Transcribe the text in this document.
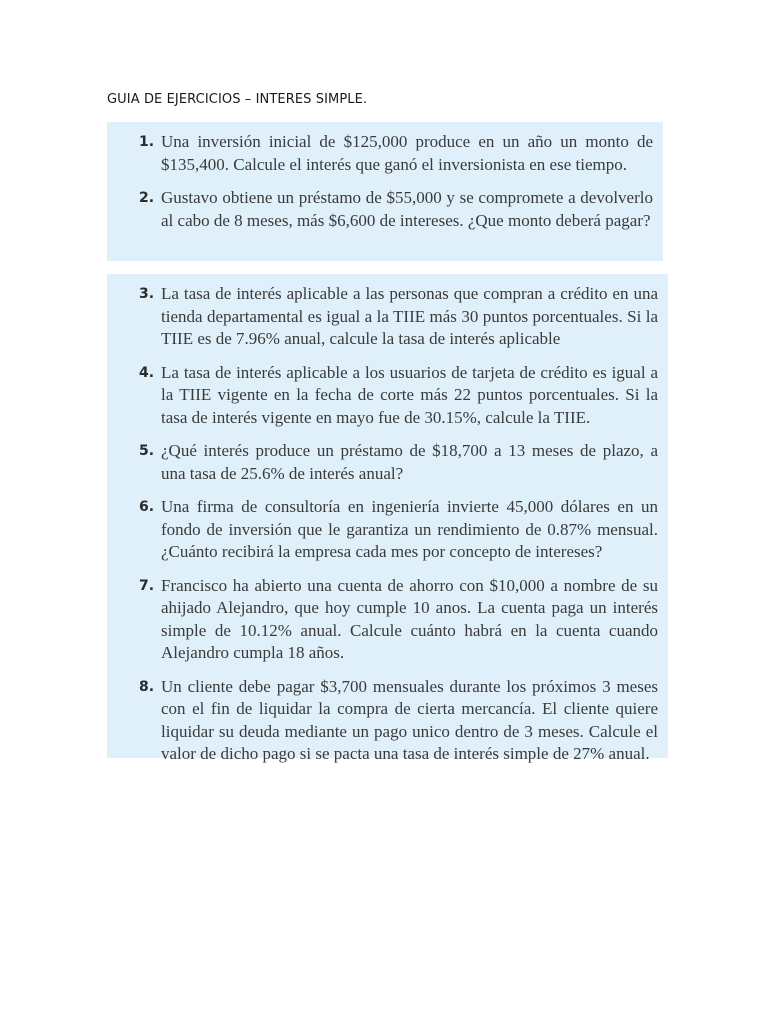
GUIA DE EJERCICIOS – INTERES SIMPLE.
1. Una inversión inicial de $125,000 produce en un año un monto de $135,400. Calcule el interés que ganó el inversionista en ese tiempo.
2. Gustavo obtiene un préstamo de $55,000 y se compromete a devolverlo al cabo de 8 meses, más $6,600 de intereses. ¿Que monto deberá pagar?
3. La tasa de interés aplicable a las personas que compran a crédito en una tienda departamental es igual a la TIIE más 30 puntos porcentuales. Si la TIIE es de 7.96% anual, calcule la tasa de interés aplicable
4. La tasa de interés aplicable a los usuarios de tarjeta de crédito es igual a la TIIE vigente en la fecha de corte más 22 puntos porcentuales. Si la tasa de interés vigente en mayo fue de 30.15%, calcule la TIIE.
5. ¿Qué interés produce un préstamo de $18,700 a 13 meses de plazo, a una tasa de 25.6% de interés anual?
6. Una firma de consultoría en ingeniería invierte 45,000 dólares en un fondo de inversión que le garantiza un rendimiento de 0.87% mensual. ¿Cuánto recibirá la empresa cada mes por concepto de intereses?
7. Francisco ha abierto una cuenta de ahorro con $10,000 a nombre de su ahijado Alejandro, que hoy cumple 10 anos. La cuenta paga un interés simple de 10.12% anual. Calcule cuánto habrá en la cuenta cuando Alejandro cumpla 18 años.
8. Un cliente debe pagar $3,700 mensuales durante los próximos 3 meses con el fin de liquidar la compra de cierta mercancía. El cliente quiere liquidar su deuda mediante un pago unico dentro de 3 meses. Calcule el valor de dicho pago si se pacta una tasa de interés simple de 27% anual.
